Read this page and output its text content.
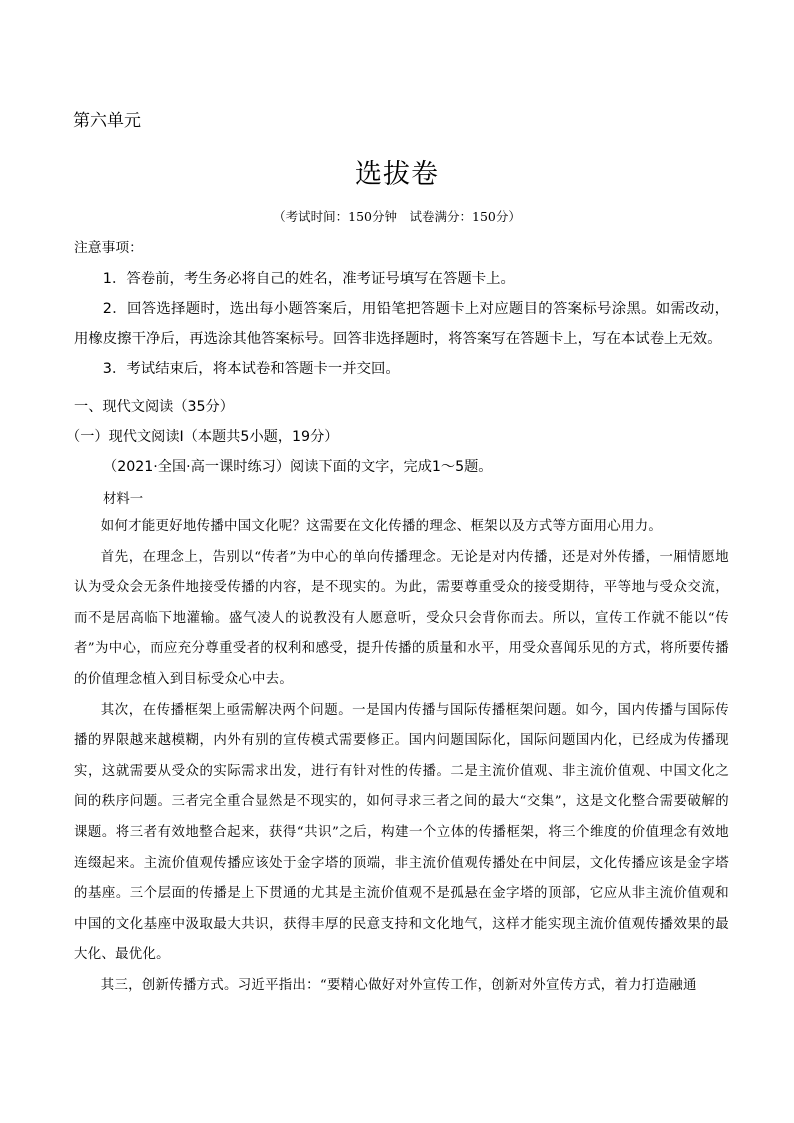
第六单元
选拔卷
（考试时间：150分钟　试卷满分：150分）
注意事项：

1．答卷前，考生务必将自己的姓名，准考证号填写在答题卡上。

2．回答选择题时，选出每小题答案后，用铅笔把答题卡上对应题目的答案标号涂黑。如需改动，用橡皮擦干净后，再选涂其他答案标号。回答非选择题时，将答案写在答题卡上，写在本试卷上无效。

3．考试结束后，将本试卷和答题卡一并交回。

一、现代文阅读（35分）
（一）现代文阅读Ⅰ（本题共5小题，19分）
（2021·全国·高一课时练习）阅读下面的文字，完成1～5题。
材料一

如何才能更好地传播中国文化呢？这需要在文化传播的理念、框架以及方式等方面用心用力。

首先，在理念上，告别以“传者”为中心的单向传播理念。无论是对内传播，还是对外传播，一厢情愿地认为受众会无条件地接受传播的内容，是不现实的。为此，需要尊重受众的接受期待，平等地与受众交流，而不是居高临下地灌输。盛气凌人的说教没有人愿意听，受众只会背你而去。所以，宣传工作就不能以“传者”为中心，而应充分尊重受者的权利和感受，提升传播的质量和水平，用受众喜闻乐见的方式，将所要传播的价值理念植入到目标受众心中去。

其次，在传播框架上亟需解决两个问题。一是国内传播与国际传播框架问题。如今，国内传播与国际传播的界限越来越模糊，内外有别的宣传模式需要修正。国内问题国际化，国际问题国内化，已经成为传播现实，这就需要从受众的实际需求出发，进行有针对性的传播。二是主流价值观、非主流价值观、中国文化之间的秩序问题。三者完全重合显然是不现实的，如何寻求三者之间的最大“交集”，这是文化整合需要破解的课题。将三者有效地整合起来，获得“共识”之后，构建一个立体的传播框架，将三个维度的价值理念有效地连缀起来。主流价值观传播应该处于金字塔的顶端，非主流价值观传播处在中间层，文化传播应该是金字塔的基座。三个层面的传播是上下贯通的尤其是主流价值观不是孤悬在金字塔的顶部，它应从非主流价值观和中国的文化基座中汲取最大共识，获得丰厚的民意支持和文化地气，这样才能实现主流价值观传播效果的最大化、最优化。

其三，创新传播方式。习近平指出：“要精心做好对外宣传工作，创新对外宣传方式，着力打造融通
